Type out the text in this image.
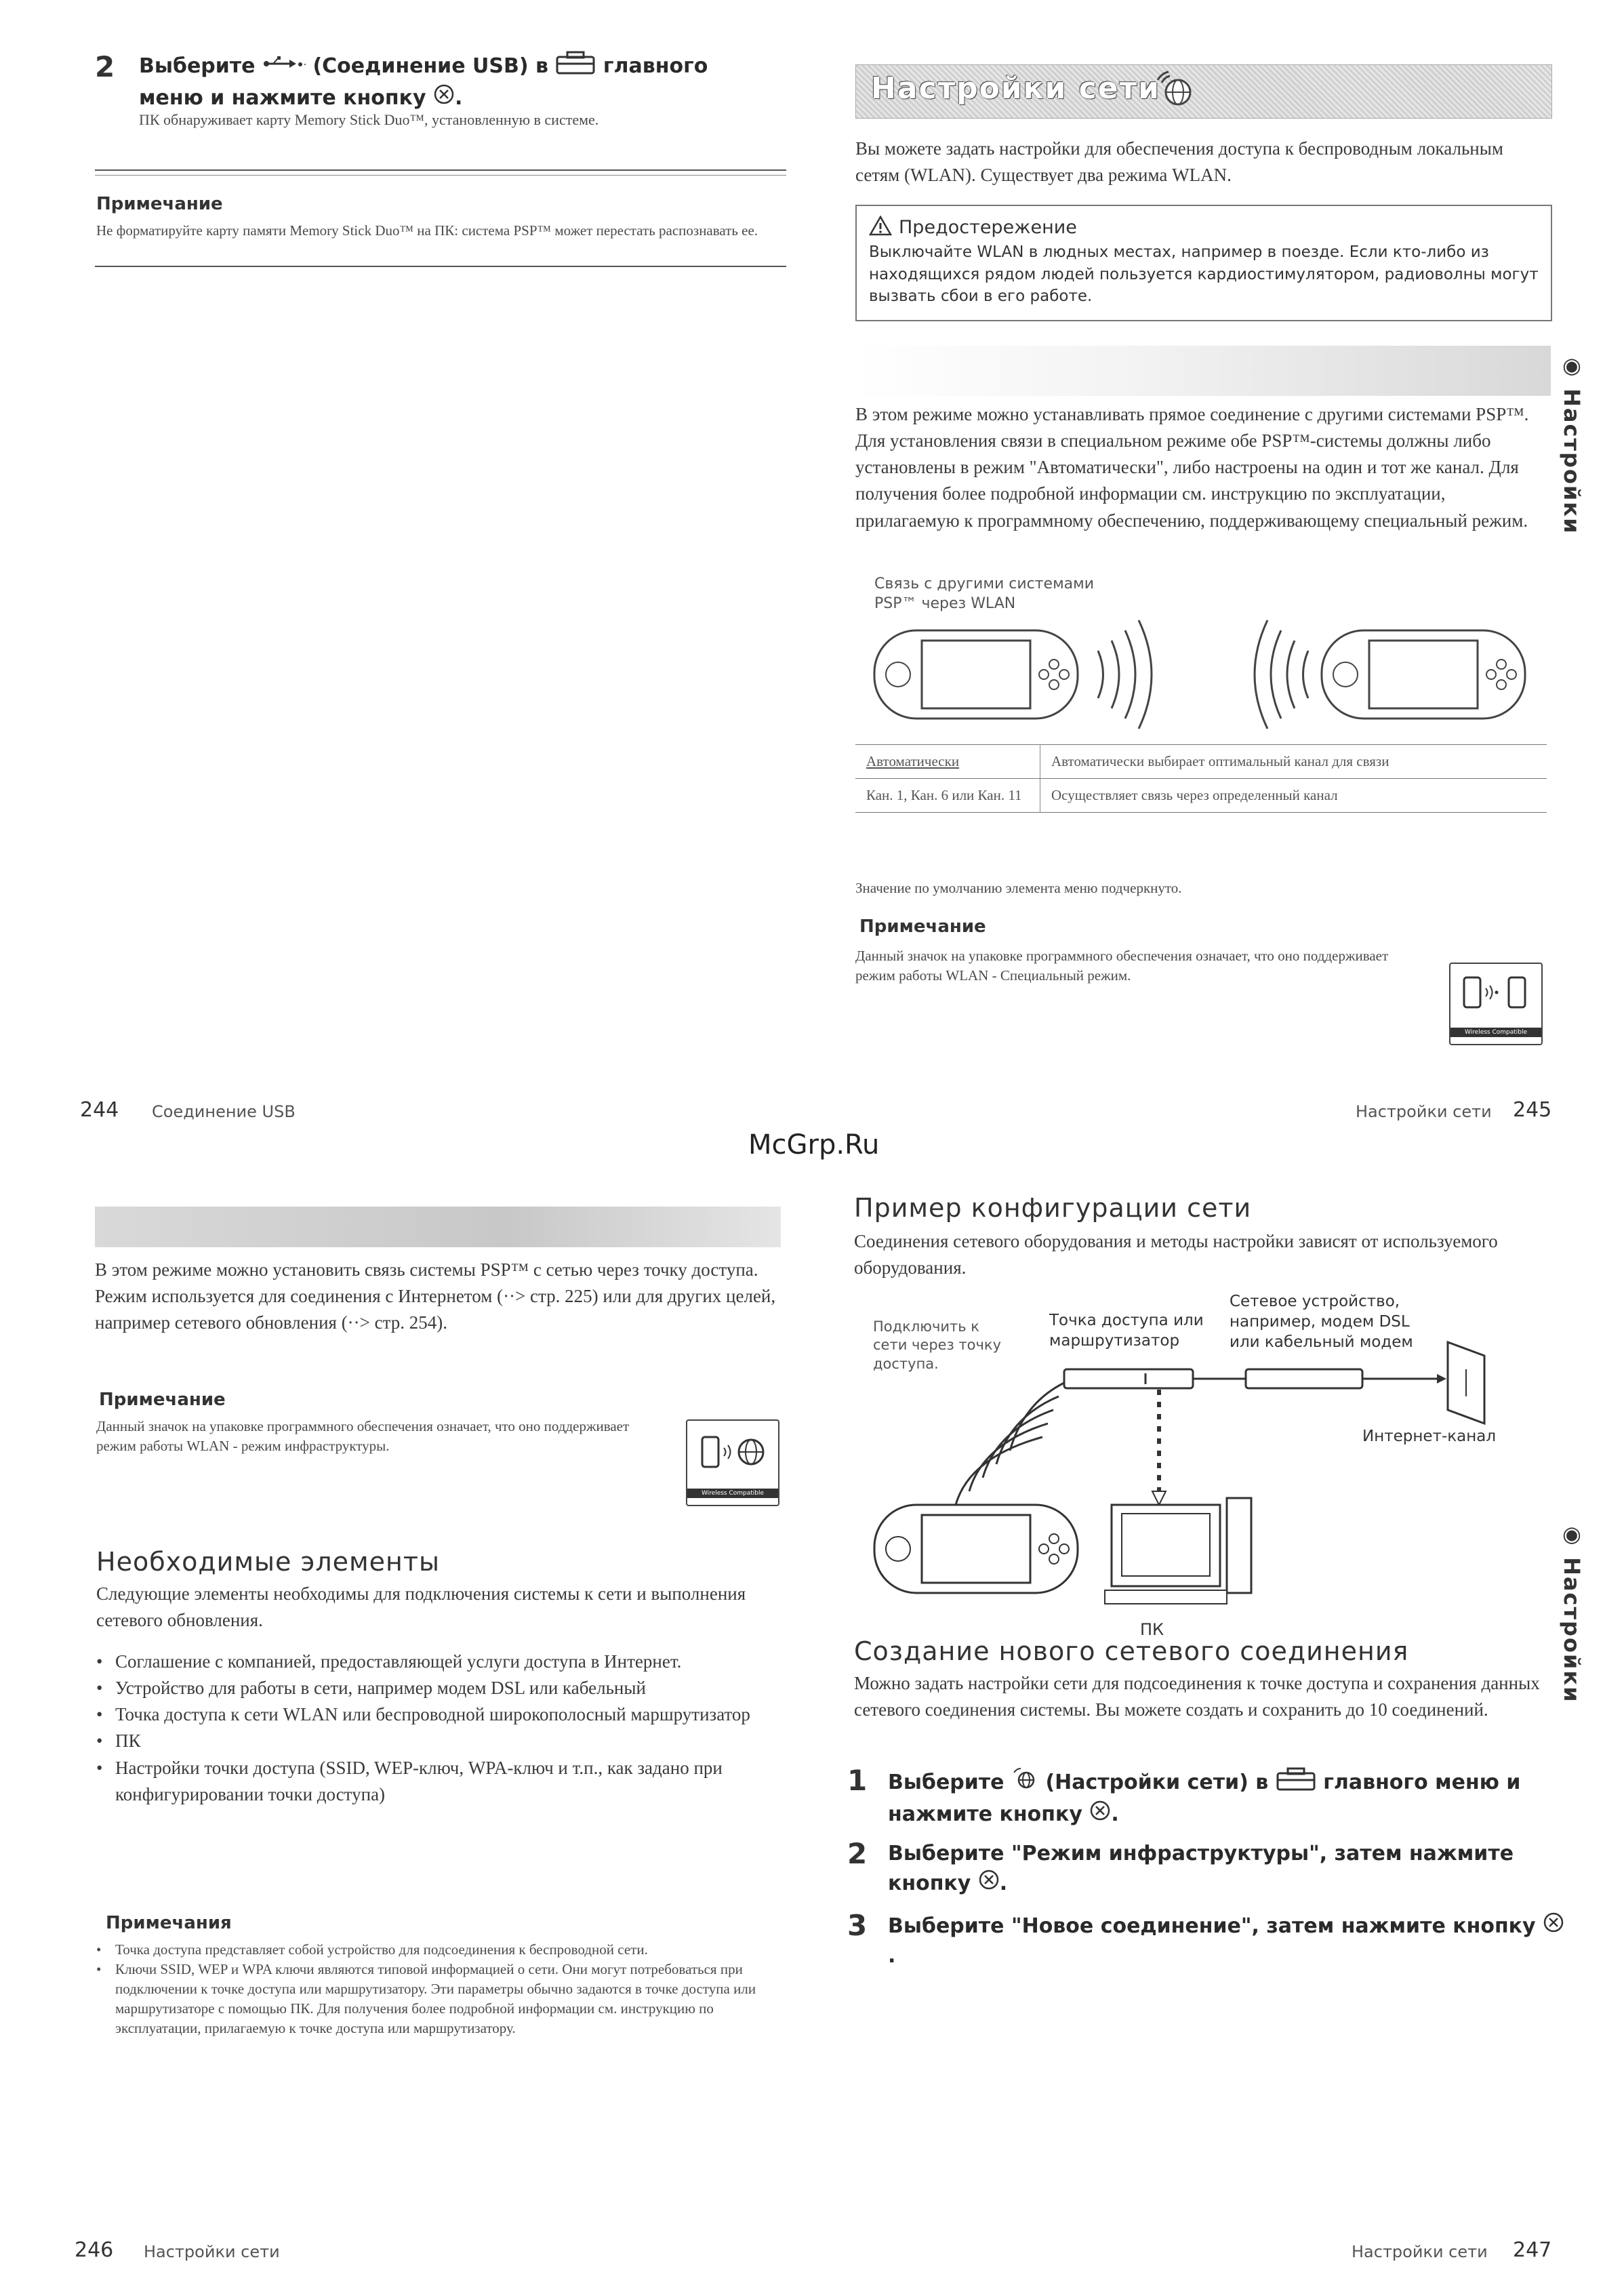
2 Выберите	(Соединение USB) в	главного
меню и нажмите кнопку .
ПК обнаруживает карту Memory Stick Duo™, установленную в системе.
Примечание
Не форматируйте карту памяти Memory Stick Duo™ на ПК: система PSP™ может перестать распознавать ее.
244 Соединение USB
Настройки сети
Вы можете задать настройки для обеспечения доступа к беспроводным локальным сетям (WLAN). Существует два режима WLAN.
Предостережение
Выключайте WLAN в людных местах, например в поезде. Если кто-либо из находящихся рядом людей пользуется кардиостимулятором, радиоволны могут вызвать сбои в его работе.
В этом режиме можно устанавливать прямое соединение с другими системами PSP™. Для установления связи в специальном режиме обе PSP™-системы должны либо установлены в режим "Автоматически", либо настроены на один и тот же канал. Для получения более подробной информации см. инструкцию по эксплуатации, прилагаемую к программному обеспечению, поддерживающему специальный режим.
Связь с другими системами
PSP™ через WLAN
Автоматически	Автоматически выбирает оптимальный канал для связи
Кан. 1, Кан. 6 или Кан. 11	Осуществляет связь через определенный канал
Значение по умолчанию элемента меню подчеркнуто.
Примечание
Данный значок на упаковке программного обеспечения означает, что оно поддерживает режим работы WLAN - Специальный режим.
Wireless Compatible
◉ Настройки
Настройки сети 245
McGrp.Ru
В этом режиме можно установить связь системы PSP™ с сетью через точку доступа. Режим используется для соединения с Интернетом (··> стр. 225) или для других целей, например сетевого обновления (··> стр. 254).
Примечание
Данный значок на упаковке программного обеспечения означает, что оно поддерживает режим работы WLAN - режим инфраструктуры.
Wireless Compatible
Необходимые элементы
Следующие элементы необходимы для подключения системы к сети и выполнения сетевого обновления.
• Соглашение с компанией, предоставляющей услуги доступа в Интернет.
• Устройство для работы в сети, например модем DSL или кабельный
• Точка доступа к сети WLAN или беспроводной широкополосный маршрутизатор
• ПК
• Настройки точки доступа (SSID, WEP-ключ, WPA-ключ и т.п., как задано при конфигурировании точки доступа)
Примечания
• Точка доступа представляет собой устройство для подсоединения к беспроводной сети.
• Ключи SSID, WEP и WPA ключи являются типовой информацией о сети. Они могут потребоваться при подключении к точке доступа или маршрутизатору. Эти параметры обычно задаются в точке доступа или маршрутизаторе с помощью ПК. Для получения более подробной информации см. инструкцию по эксплуатации, прилагаемую к точке доступа или маршрутизатору.
246 Настройки сети
Пример конфигурации сети
Соединения сетевого оборудования и методы настройки зависят от используемого оборудования.
Подключить к
сети через точку
доступа.
Точка доступа или
маршрутизатор
Сетевое устройство,
например, модем DSL
или кабельный модем
Интернет-канал
ПК
Создание нового сетевого соединения
Можно задать настройки сети для подсоединения к точке доступа и сохранения данных сетевого соединения системы. Вы можете создать и сохранить до 10 соединений.
1 Выберите (Настройки сети) в	главного меню и
нажмите кнопку .
2 Выберите "Режим инфраструктуры", затем нажмите кнопку .
3 Выберите "Новое соединение", затем нажмите кнопку .
◉ Настройки
Настройки сети 247
